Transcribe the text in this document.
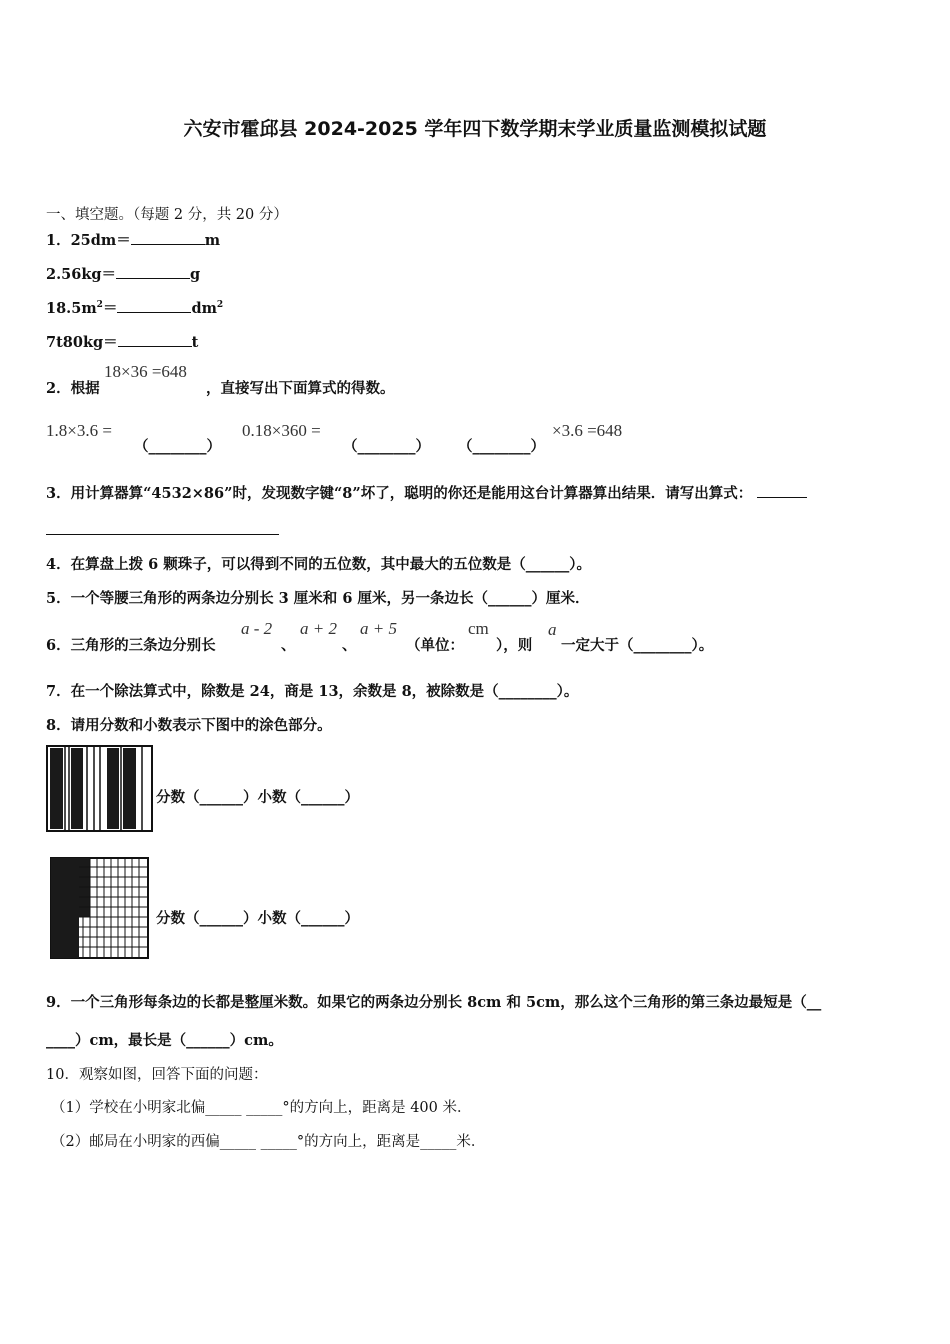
六安市霍邱县 2024-2025 学年四下数学期末学业质量监测模拟试题
一、填空题。（每题 2 分，共 20 分）
1．25dm＝	m
2.56kg＝	g
$18.5m^2=$	$dm^2$
7t80kg＝	t
2．根据
18×36 =648
，直接写出下面算式的得数。
1.8×3.6 =
（________）
0.18×360 =
（________） （________）
×3.6 =648
3．用计算器算“4532×86”时，发现数字键“8”坏了，聪明的你还是能用这台计算器算出结果．请写出算式：
4．在算盘上拨 6 颗珠子，可以得到不同的五位数，其中最大的五位数是（______）。
5．一个等腰三角形的两条边分别长 3 厘米和 6 厘米，另一条边长（______）厘米．
6．三角形的三条边分别长
a - 2
、
a + 2
、
a + 5
（单位：
cm
），则
a
一定大于（________）。
7．在一个除法算式中，除数是 24，商是 13，余数是 8，被除数是（________）。
8．请用分数和小数表示下图中的涂色部分。
分数（______）小数（______）
分数（______）小数（______）
9．一个三角形每条边的长都是整厘米数。如果它的两条边分别长 8cm 和 5cm，那么这个三角形的第三条边最短是（__
____）cm，最长是（______）cm。
10．观察如图，回答下面的问题：
（1）学校在小明家北偏_____ _____°的方向上，距离是 400 米．
（2）邮局在小明家的西偏_____ _____°的方向上，距离是_____米．
